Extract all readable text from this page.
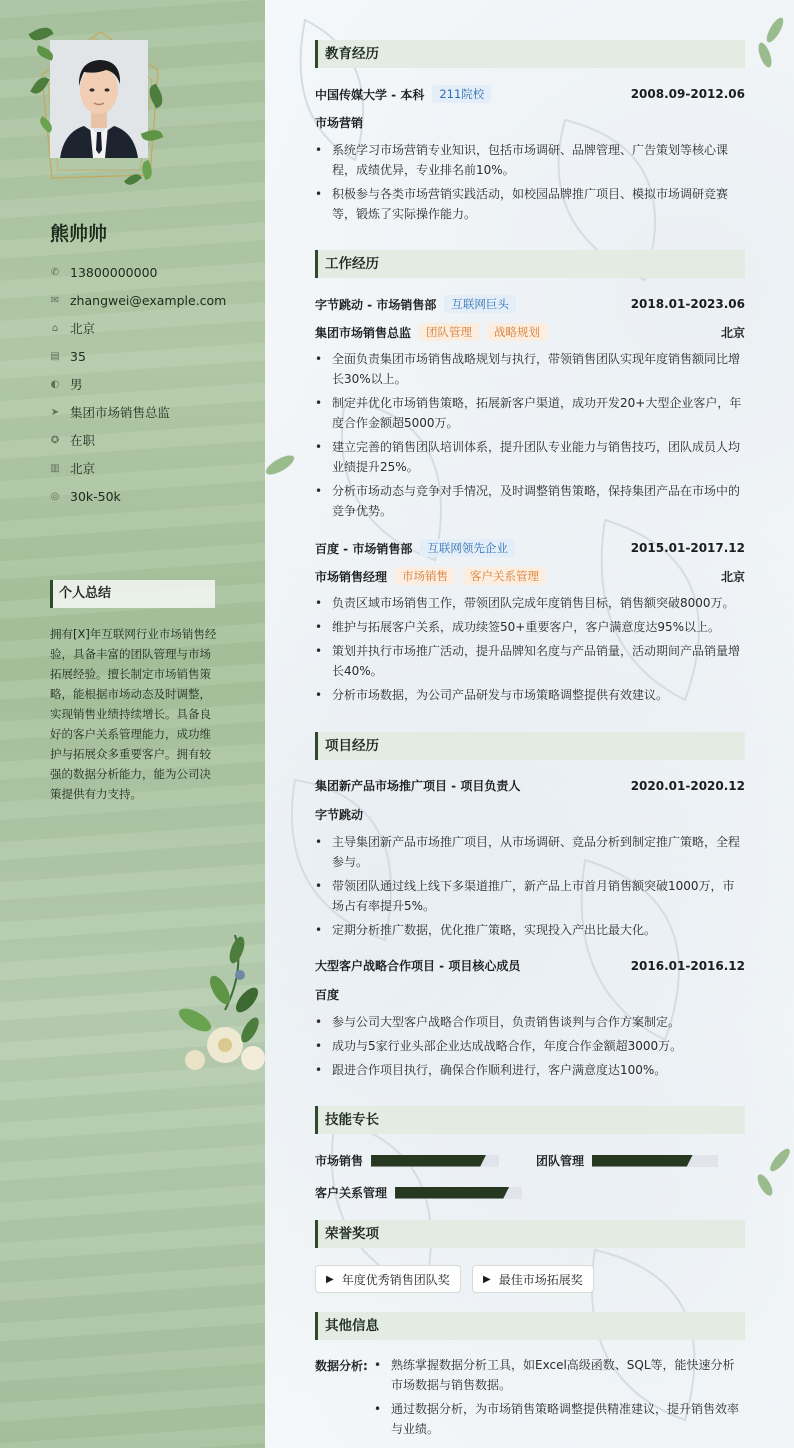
熊帅帅
✆ 13800000000
✉ zhangwei@example.com
⌂ 北京
▤ 35
◐ 男
➤ 集团市场销售总监
✪ 在职
▥ 北京
◎ 30k-50k
个人总结
拥有[X]年互联网行业市场销售经验，具备丰富的团队管理与市场拓展经验。擅长制定市场销售策略，能根据市场动态及时调整，实现销售业绩持续增长。具备良好的客户关系管理能力，成功维护与拓展众多重要客户。拥有较强的数据分析能力，能为公司决策提供有力支持。
教育经历
中国传媒大学 - 本科	211院校	2008.09-2012.06
市场营销
• 系统学习市场营销专业知识，包括市场调研、品牌管理、广告策划等核心课程，成绩优异，专业排名前10%。
• 积极参与各类市场营销实践活动，如校园品牌推广项目、模拟市场调研竞赛等，锻炼了实际操作能力。
工作经历
字节跳动 - 市场销售部	互联网巨头	2018.01-2023.06
集团市场销售总监	团队管理	战略规划	北京
• 全面负责集团市场销售战略规划与执行，带领销售团队实现年度销售额同比增长30%以上。
• 制定并优化市场销售策略，拓展新客户渠道，成功开发20+大型企业客户，年度合作金额超5000万。
• 建立完善的销售团队培训体系，提升团队专业能力与销售技巧，团队成员人均业绩提升25%。
• 分析市场动态与竞争对手情况，及时调整销售策略，保持集团产品在市场中的竞争优势。
百度 - 市场销售部	互联网领先企业	2015.01-2017.12
市场销售经理	市场销售	客户关系管理	北京
• 负责区域市场销售工作，带领团队完成年度销售目标，销售额突破8000万。
• 维护与拓展客户关系，成功续签50+重要客户，客户满意度达95%以上。
• 策划并执行市场推广活动，提升品牌知名度与产品销量，活动期间产品销量增长40%。
• 分析市场数据，为公司产品研发与市场策略调整提供有效建议。
项目经历
集团新产品市场推广项目 - 项目负责人	2020.01-2020.12
字节跳动
• 主导集团新产品市场推广项目，从市场调研、竞品分析到制定推广策略，全程参与。
• 带领团队通过线上线下多渠道推广，新产品上市首月销售额突破1000万，市场占有率提升5%。
• 定期分析推广数据，优化推广策略，实现投入产出比最大化。
大型客户战略合作项目 - 项目核心成员	2016.01-2016.12
百度
• 参与公司大型客户战略合作项目，负责销售谈判与合作方案制定。
• 成功与5家行业头部企业达成战略合作，年度合作金额超3000万。
• 跟进合作项目执行，确保合作顺利进行，客户满意度达100%。
技能专长
市场销售	团队管理
客户关系管理
荣誉奖项
▶ 年度优秀销售团队奖	▶ 最佳市场拓展奖
其他信息
数据分析:
•	熟练掌握数据分析工具，如Excel高级函数、SQL等，能快速分析市场数据与销售数据。
• 通过数据分析，为市场销售策略调整提供精准建议，提升销售效率与业绩。
